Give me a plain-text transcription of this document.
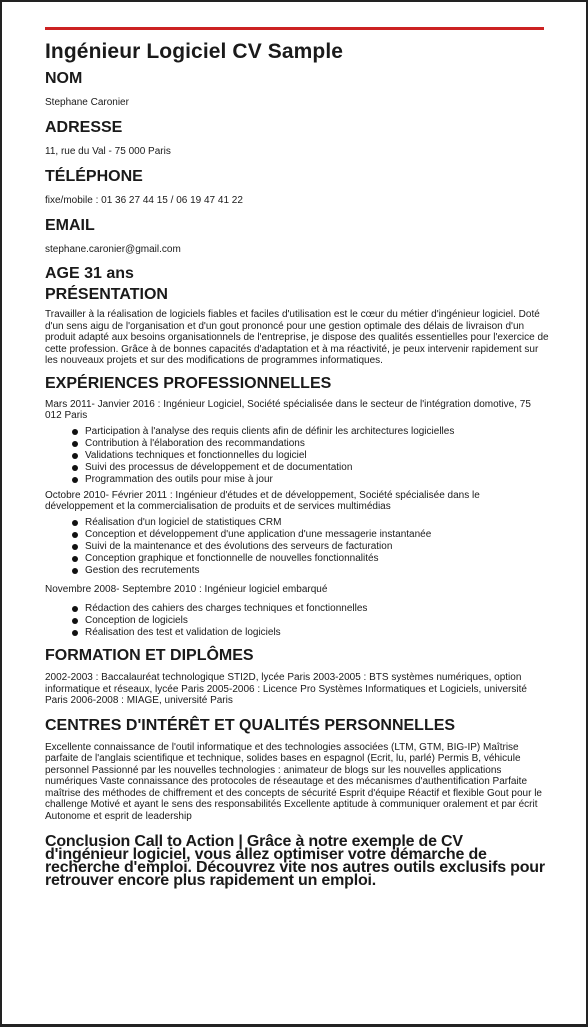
Ingénieur Logiciel CV Sample
NOM
Stephane Caronier
ADRESSE
11, rue du Val - 75 000 Paris
TÉLÉPHONE
fixe/mobile : 01 36 27 44 15 / 06 19 47 41 22
EMAIL
stephane.caronier@gmail.com
AGE 31 ans
PRÉSENTATION

Travailler à la réalisation de logiciels fiables et faciles d'utilisation est le cœur du métier d'ingénieur logiciel. Doté d'un sens aigu de l'organisation et d'un gout prononcé pour une gestion optimale des délais de livraison d'un produit adapté aux besoins organisationnels de l'entreprise, je dispose des qualités essentielles pour l'exercice de cette profession. Grâce à de bonnes capacités d'adaptation et à ma réactivité, je peux intervenir rapidement sur les nouveaux projets et sur des modifications de programmes informatiques.

EXPÉRIENCES PROFESSIONNELLES
Mars 2011- Janvier 2016 : Ingénieur Logiciel, Société spécialisée dans le secteur de l'intégration domotive, 75 012 Paris
Participation à l'analyse des requis clients afin de définir les architectures logicielles
Contribution à l'élaboration des recommandations
Validations techniques et fonctionnelles du logiciel
Suivi des processus de développement et de documentation
Programmation des outils pour mise à jour
Octobre 2010- Février 2011 : Ingénieur d'études et de développement, Société spécialisée dans le développement et la commercialisation de produits et de services multimédias
Réalisation d'un logiciel de statistiques CRM
Conception et développement d'une application d'une messagerie instantanée
Suivi de la maintenance et des évolutions des serveurs de facturation
Conception graphique et fonctionnelle de nouvelles fonctionnalités
Gestion des recrutements
Novembre 2008- Septembre 2010 : Ingénieur logiciel embarqué
Rédaction des cahiers des charges techniques et fonctionnelles
Conception de logiciels
Réalisation des test et validation de logiciels
FORMATION ET DIPLÔMES

2002-2003 : Baccalauréat technologique STI2D, lycée Paris 2003-2005 : BTS systèmes numériques, option informatique et réseaux, lycée Paris 2005-2006 : Licence Pro Systèmes Informatiques et Logiciels, université Paris 2006-2008 : MIAGE, université Paris

CENTRES D'INTÉRÊT ET QUALITÉS PERSONNELLES

Excellente connaissance de l'outil informatique et des technologies associées (LTM, GTM, BIG-IP) Maîtrise parfaite de l'anglais scientifique et technique, solides bases en espagnol (Ecrit, lu, parlé) Permis B, véhicule personnel Passionné par les nouvelles technologies : animateur de blogs sur les nouvelles applications numériques Vaste connaissance des protocoles de réseautage et des mécanismes d'authentification Parfaite maîtrise des méthodes de chiffrement et des concepts de sécurité Esprit d'équipe Réactif et flexible Gout pour le challenge Motivé et ayant le sens des responsabilités Excellente aptitude à communiquer oralement et par écrit Autonome et esprit de leadership

Conclusion Call to Action | Grâce à notre exemple de CV d'ingénieur logiciel, vous allez optimiser votre démarche de recherche d'emploi. Découvrez vite nos autres outils exclusifs pour retrouver encore plus rapidement un emploi.
